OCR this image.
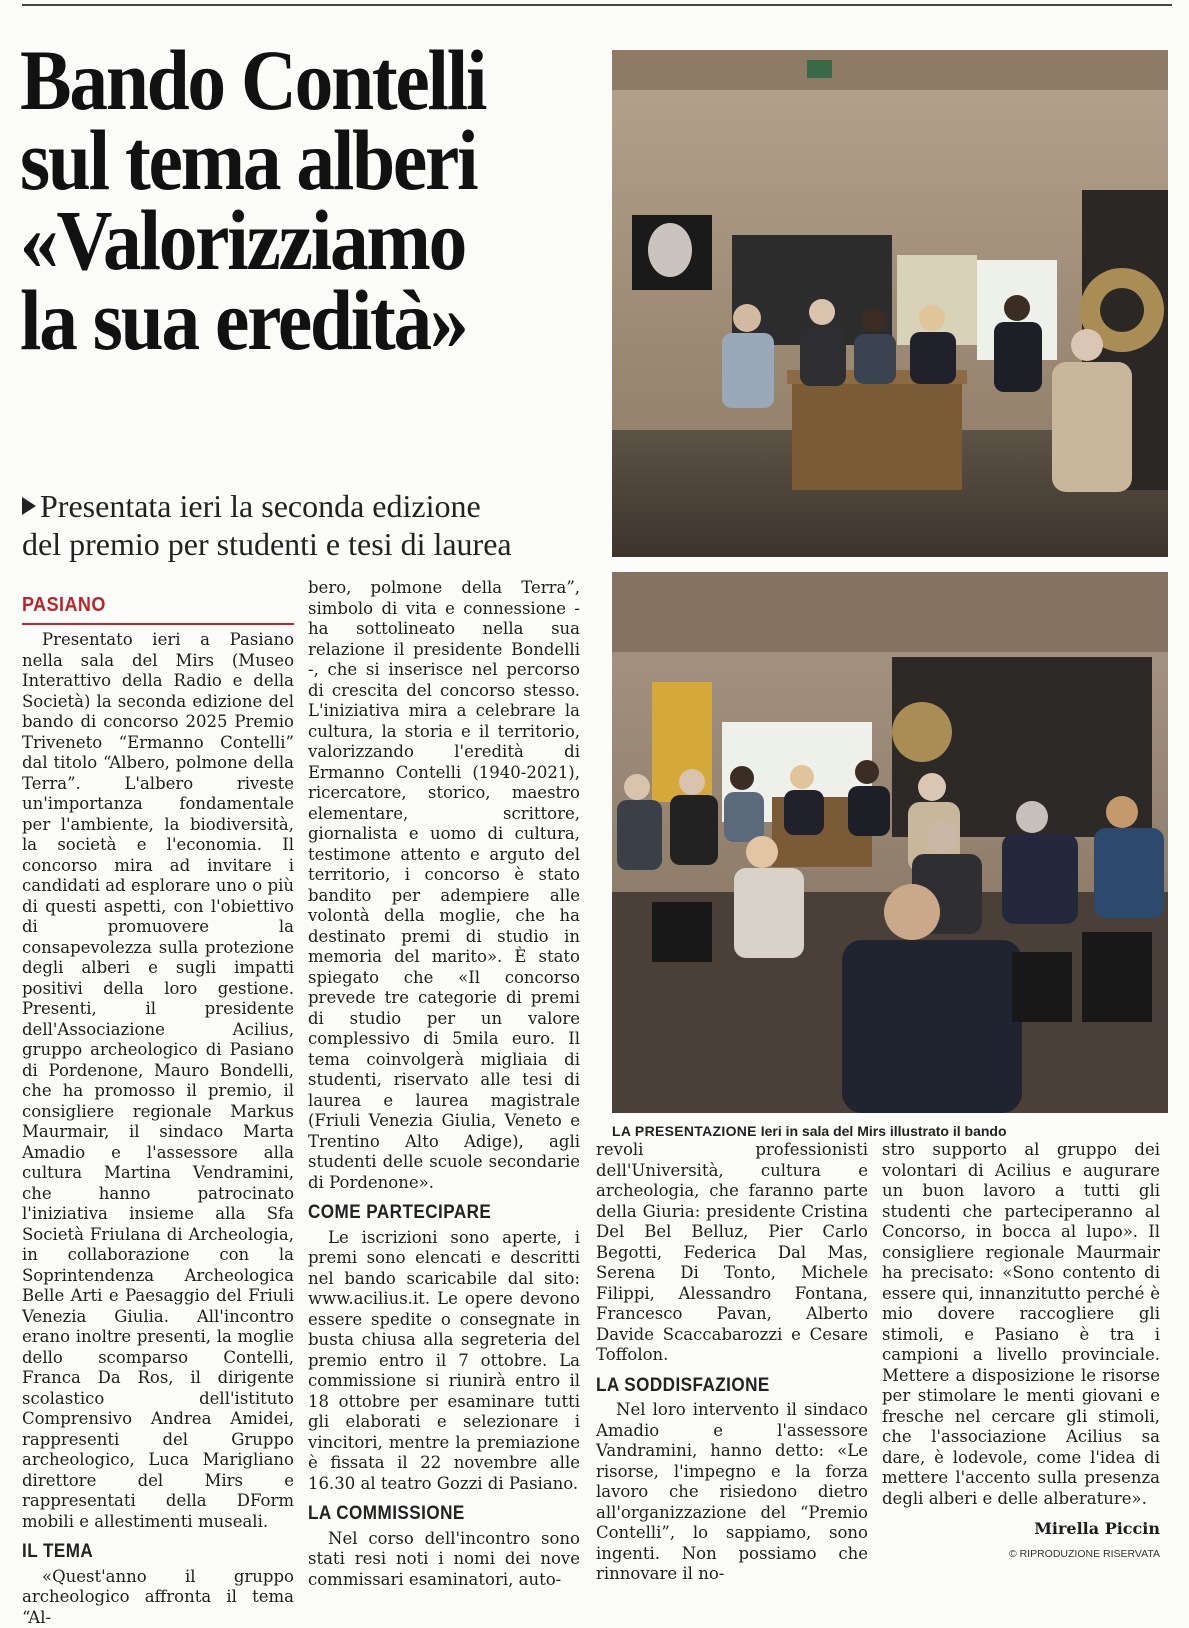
Bando Contelli
sul tema alberi
«Valorizziamo
la sua eredità»
Presentata ieri la seconda edizione
del premio per studenti e tesi di laurea
LA PRESENTAZIONE Ieri in sala del Mirs illustrato il bando
PASIANO

Presentato ieri a Pasiano nella sala del Mirs (Museo Interattivo della Radio e della Società) la seconda edizione del bando di concorso 2025 Premio Triveneto “Ermanno Contelli” dal titolo “Albero, polmone della Terra”. L'albero riveste un'importanza fondamentale per l'ambiente, la biodiversità, la società e l'economia. Il concorso mira ad invitare i candidati ad esplorare uno o più di questi aspetti, con l'obiettivo di promuovere la consapevolezza sulla protezione degli alberi e sugli impatti positivi della loro gestione. Presenti, il presidente dell'Associazione Acilius, gruppo archeologico di Pasiano di Pordenone, Mauro Bondelli, che ha promosso il premio, il consigliere regionale Markus Maurmair, il sindaco Marta Amadio e l'assessore alla cultura Martina Vendramini, che hanno patrocinato l'iniziativa insieme alla Sfa Società Friulana di Archeologia, in collaborazione con la Soprintendenza Archeologica Belle Arti e Paesaggio del Friuli Venezia Giulia. All'incontro erano inoltre presenti, la moglie dello scomparso Contelli, Franca Da Ros, il dirigente scolastico dell'istituto Comprensivo Andrea Amidei, rappresenti del Gruppo archeologico, Luca Marigliano direttore del Mirs e rappresentati della DForm mobili e allestimenti museali.

IL TEMA

«Quest'anno il gruppo archeologico affronta il tema “Al-

bero, polmone della Terra”, simbolo di vita e connessione - ha sottolineato nella sua relazione il presidente Bondelli -, che si inserisce nel percorso di crescita del concorso stesso. L'iniziativa mira a celebrare la cultura, la storia e il territorio, valorizzando l'eredità di Ermanno Contelli (1940-2021), ricercatore, storico, maestro elementare, scrittore, giornalista e uomo di cultura, testimone attento e arguto del territorio, i concorso è stato bandito per adempiere alle volontà della moglie, che ha destinato premi di studio in memoria del marito». È stato spiegato che «Il concorso prevede tre categorie di premi di studio per un valore complessivo di 5mila euro. Il tema coinvolgerà migliaia di studenti, riservato alle tesi di laurea e laurea magistrale (Friuli Venezia Giulia, Veneto e Trentino Alto Adige), agli studenti delle scuole secondarie di Pordenone».

COME PARTECIPARE

Le iscrizioni sono aperte, i premi sono elencati e descritti nel bando scaricabile dal sito: www.acilius.it. Le opere devono essere spedite o consegnate in busta chiusa alla segreteria del premio entro il 7 ottobre. La commissione si riunirà entro il 18 ottobre per esaminare tutti gli elaborati e selezionare i vincitori, mentre la premiazione è fissata il 22 novembre alle 16.30 al teatro Gozzi di Pasiano.

LA COMMISSIONE

Nel corso dell'incontro sono stati resi noti i nomi dei nove commissari esaminatori, auto-

revoli professionisti dell'Università, cultura e archeologia, che faranno parte della Giuria: presidente Cristina Del Bel Belluz, Pier Carlo Begotti, Federica Dal Mas, Serena Di Tonto, Michele Filippi, Alessandro Fontana, Francesco Pavan, Alberto Davide Scaccabarozzi e Cesare Toffolon.

LA SODDISFAZIONE

Nel loro intervento il sindaco Amadio e l'assessore Vandramini, hanno detto: «Le risorse, l'impegno e la forza lavoro che risiedono dietro all'organizzazione del “Premio Contelli”, lo sappiamo, sono ingenti. Non possiamo che rinnovare il no-

stro supporto al gruppo dei volontari di Acilius e augurare un buon lavoro a tutti gli studenti che parteciperanno al Concorso, in bocca al lupo». Il consigliere regionale Maurmair ha precisato: «Sono contento di essere qui, innanzitutto perché è mio dovere raccogliere gli stimoli, e Pasiano è tra i campioni a livello provinciale. Mettere a disposizione le risorse per stimolare le menti giovani e fresche nel cercare gli stimoli, che l'associazione Acilius sa dare, è lodevole, come l'idea di mettere l'accento sulla presenza degli alberi e delle alberature».

Mirella Piccin
© RIPRODUZIONE RISERVATA
